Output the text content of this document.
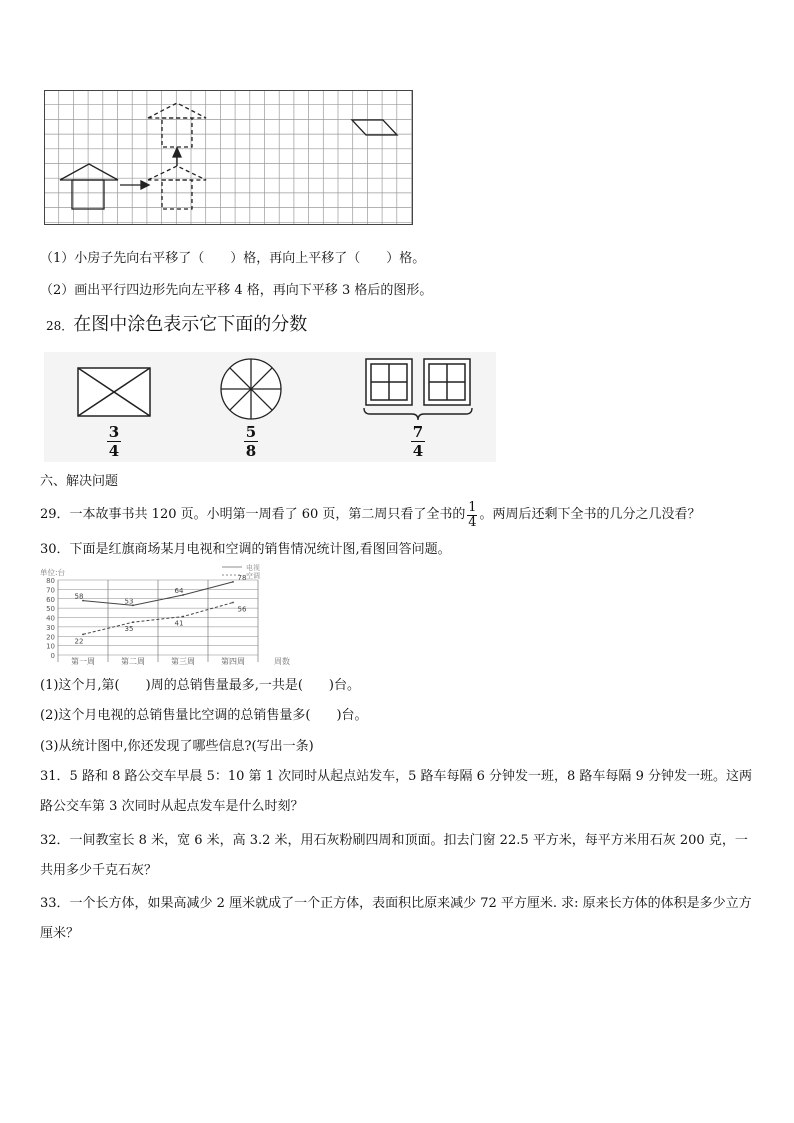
（1）小房子先向右平移了（　　）格，再向上平移了（　　）格。
（2）画出平行四边形先向左平移 4 格，再向下平移 3 格后的图形。
28．在图中涂色表示它下面的分数
3
4
5
8
7
4
六、解决问题
29．一本故事书共 120 页。小明第一周看了 60 页，第二周只看了全书的 $\frac{1}{4}$ 。两周后还剩下全书的几分之几没看？
30．下面是红旗商场某月电视和空调的销售情况统计图,看图回答问题。
0
10
20
30
40
50
60
70
80
第一周	第二周	第三周	第四周	周数
单位:台	电视
空调
58
53
64
78
22
35
41
56
(1)这个月,第(　　)周的总销售量最多,一共是(　　)台。
(2)这个月电视的总销售量比空调的总销售量多(　　)台。
(3)从统计图中,你还发现了哪些信息?(写出一条)
31．5 路和 8 路公交车早晨 5：10 第 1 次同时从起点站发车，5 路车每隔 6 分钟发一班，8 路车每隔 9 分钟发一班。这两路公交车第 3 次同时从起点发车是什么时刻？
32．一间教室长 8 米，宽 6 米，高 3.2 米，用石灰粉刷四周和顶面。扣去门窗 22.5 平方米，每平方米用石灰 200 克，一共用多少千克石灰？
33．一个长方体，如果高减少 2 厘米就成了一个正方体，表面积比原来减少 72 平方厘米. 求: 原来长方体的体积是多少立方厘米？
